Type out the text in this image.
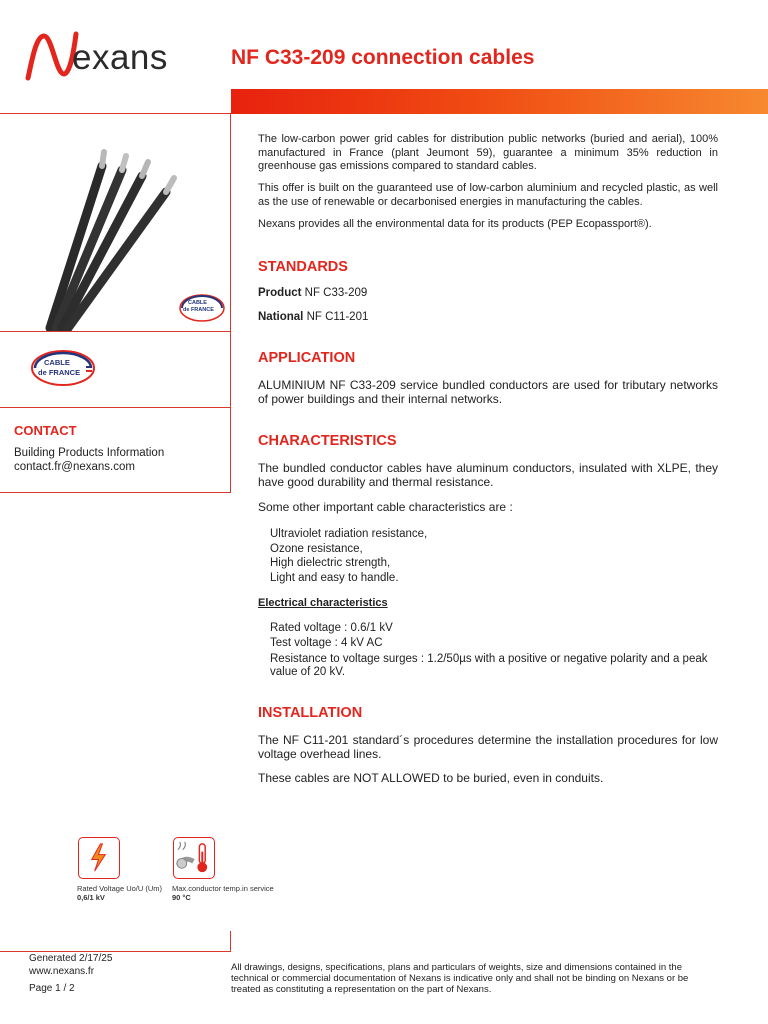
exans	NF C33-209 connection cables
CABLE
de FRANCE
CABLE
de FRANCE
CONTACT
Building Products Information
contact.fr@nexans.com
The low-carbon power grid cables for distribution public networks (buried and aerial), 100% manufactured in France (plant Jeumont 59), guarantee a minimum 35% reduction in greenhouse gas emissions compared to standard cables.
This offer is built on the guaranteed use of low-carbon aluminium and recycled plastic, as well as the use of renewable or decarbonised energies in manufacturing the cables.
Nexans provides all the environmental data for its products (PEP Ecopassport®).
STANDARDS
Product NF C33-209
National NF C11-201
APPLICATION
ALUMINIUM NF C33-209 service bundled conductors are used for tributary networks of power buildings and their internal networks.
CHARACTERISTICS
The bundled conductor cables have aluminum conductors, insulated with XLPE, they have good durability and thermal resistance.
Some other important cable characteristics are :
Ultraviolet radiation resistance,
Ozone resistance,
High dielectric strength,
Light and easy to handle.
Electrical characteristics
Rated voltage : 0.6/1 kV
Test voltage : 4 kV AC
Resistance to voltage surges : 1.2/50µs with a positive or negative polarity and a peak value of 20 kV.
INSTALLATION
The NF C11-201 standard´s procedures determine the installation procedures for low voltage overhead lines.
These cables are NOT ALLOWED to be buried, even in conduits.
Rated Voltage Uo/U (Um)
0,6/1 kV
Max.conductor temp.in service
90 °C
Generated 2/17/25
www.nexans.fr
Page 1 / 2
All drawings, designs, specifications, plans and particulars of weights, size and dimensions contained in the technical or commercial documentation of Nexans is indicative only and shall not be binding on Nexans or be treated as constituting a representation on the part of Nexans.
